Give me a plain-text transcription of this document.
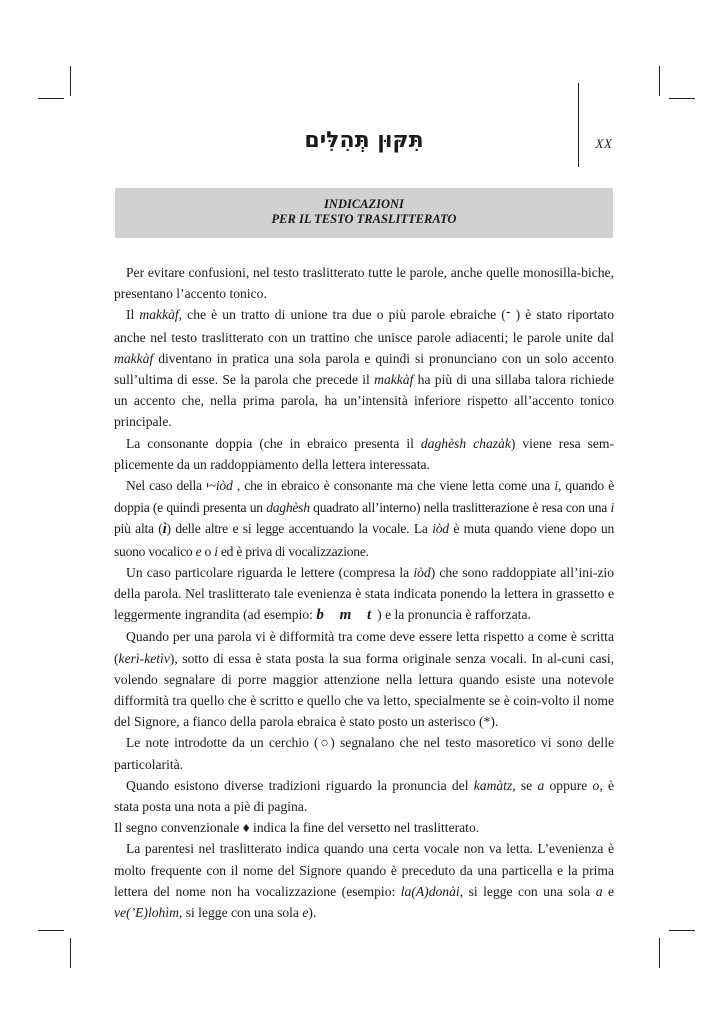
תִּקּוּן תְּהִלִּים	XX
INDICAZIONI
PER IL TESTO TRASLITTERATO

Per evitare confusioni, nel testo traslitterato tutte le parole, anche quelle monosilla-biche, presentano l’accento tonico.

Il makkàf, che è un tratto di unione tra due o più parole ebraiche (־ ) è stato riportato anche nel testo traslitterato con un trattino che unisce parole adiacenti; le parole unite dal makkàf diventano in pratica una sola parola e quindi si pronunciano con un solo accento sull’ultima di esse. Se la parola che precede il makkàf ha più di una sillaba talora richiede un accento che, nella prima parola, ha un’intensità inferiore rispetto all’accento tonico principale.

La consonante doppia (che in ebraico presenta il daghèsh chazàk) viene resa sem-plicemente da un raddoppiamento della lettera interessata.

Nel caso della י~iòd , che in ebraico è consonante ma che viene letta come una i, quando è doppia (e quindi presenta un daghèsh quadrato all’interno) nella traslitterazione è resa con una i più alta (ì) delle altre e si legge accentuando la vocale. La iòd è muta quando viene dopo un suono vocalico e o i ed è priva di vocalizzazione.

Un caso particolare riguarda le lettere (compresa la iòd) che sono raddoppiate all’ini-zio della parola. Nel traslitterato tale evenienza è stata indicata ponendo la lettera in grassetto e leggermente ingrandita (ad esempio: b m t) e la pronuncia è rafforzata.

Quando per una parola vi è difformità tra come deve essere letta rispetto a come è scritta (kerì-ketìv), sotto di essa è stata posta la sua forma originale senza vocali. In al-cuni casi, volendo segnalare di porre maggior attenzione nella lettura quando esiste una notevole difformità tra quello che è scritto e quello che va letto, specialmente se è coin-volto il nome del Signore, a fianco della parola ebraica è stato posto un asterisco (*).

Le note introdotte da un cerchio (○) segnalano che nel testo masoretico vi sono delle particolarità.

Quando esistono diverse tradizioni riguardo la pronuncia del kamàtz, se a oppure o, è stata posta una nota a piè di pagina.

Il segno convenzionale ♦ indica la fine del versetto nel traslitterato.

La parentesi nel traslitterato indica quando una certa vocale non va letta. L’evenienza è molto frequente con il nome del Signore quando è preceduto da una particella e la prima lettera del nome non ha vocalizzazione (esempio: la(A)donài, si legge con una sola a e ve(’E)lohìm, si legge con una sola e).
